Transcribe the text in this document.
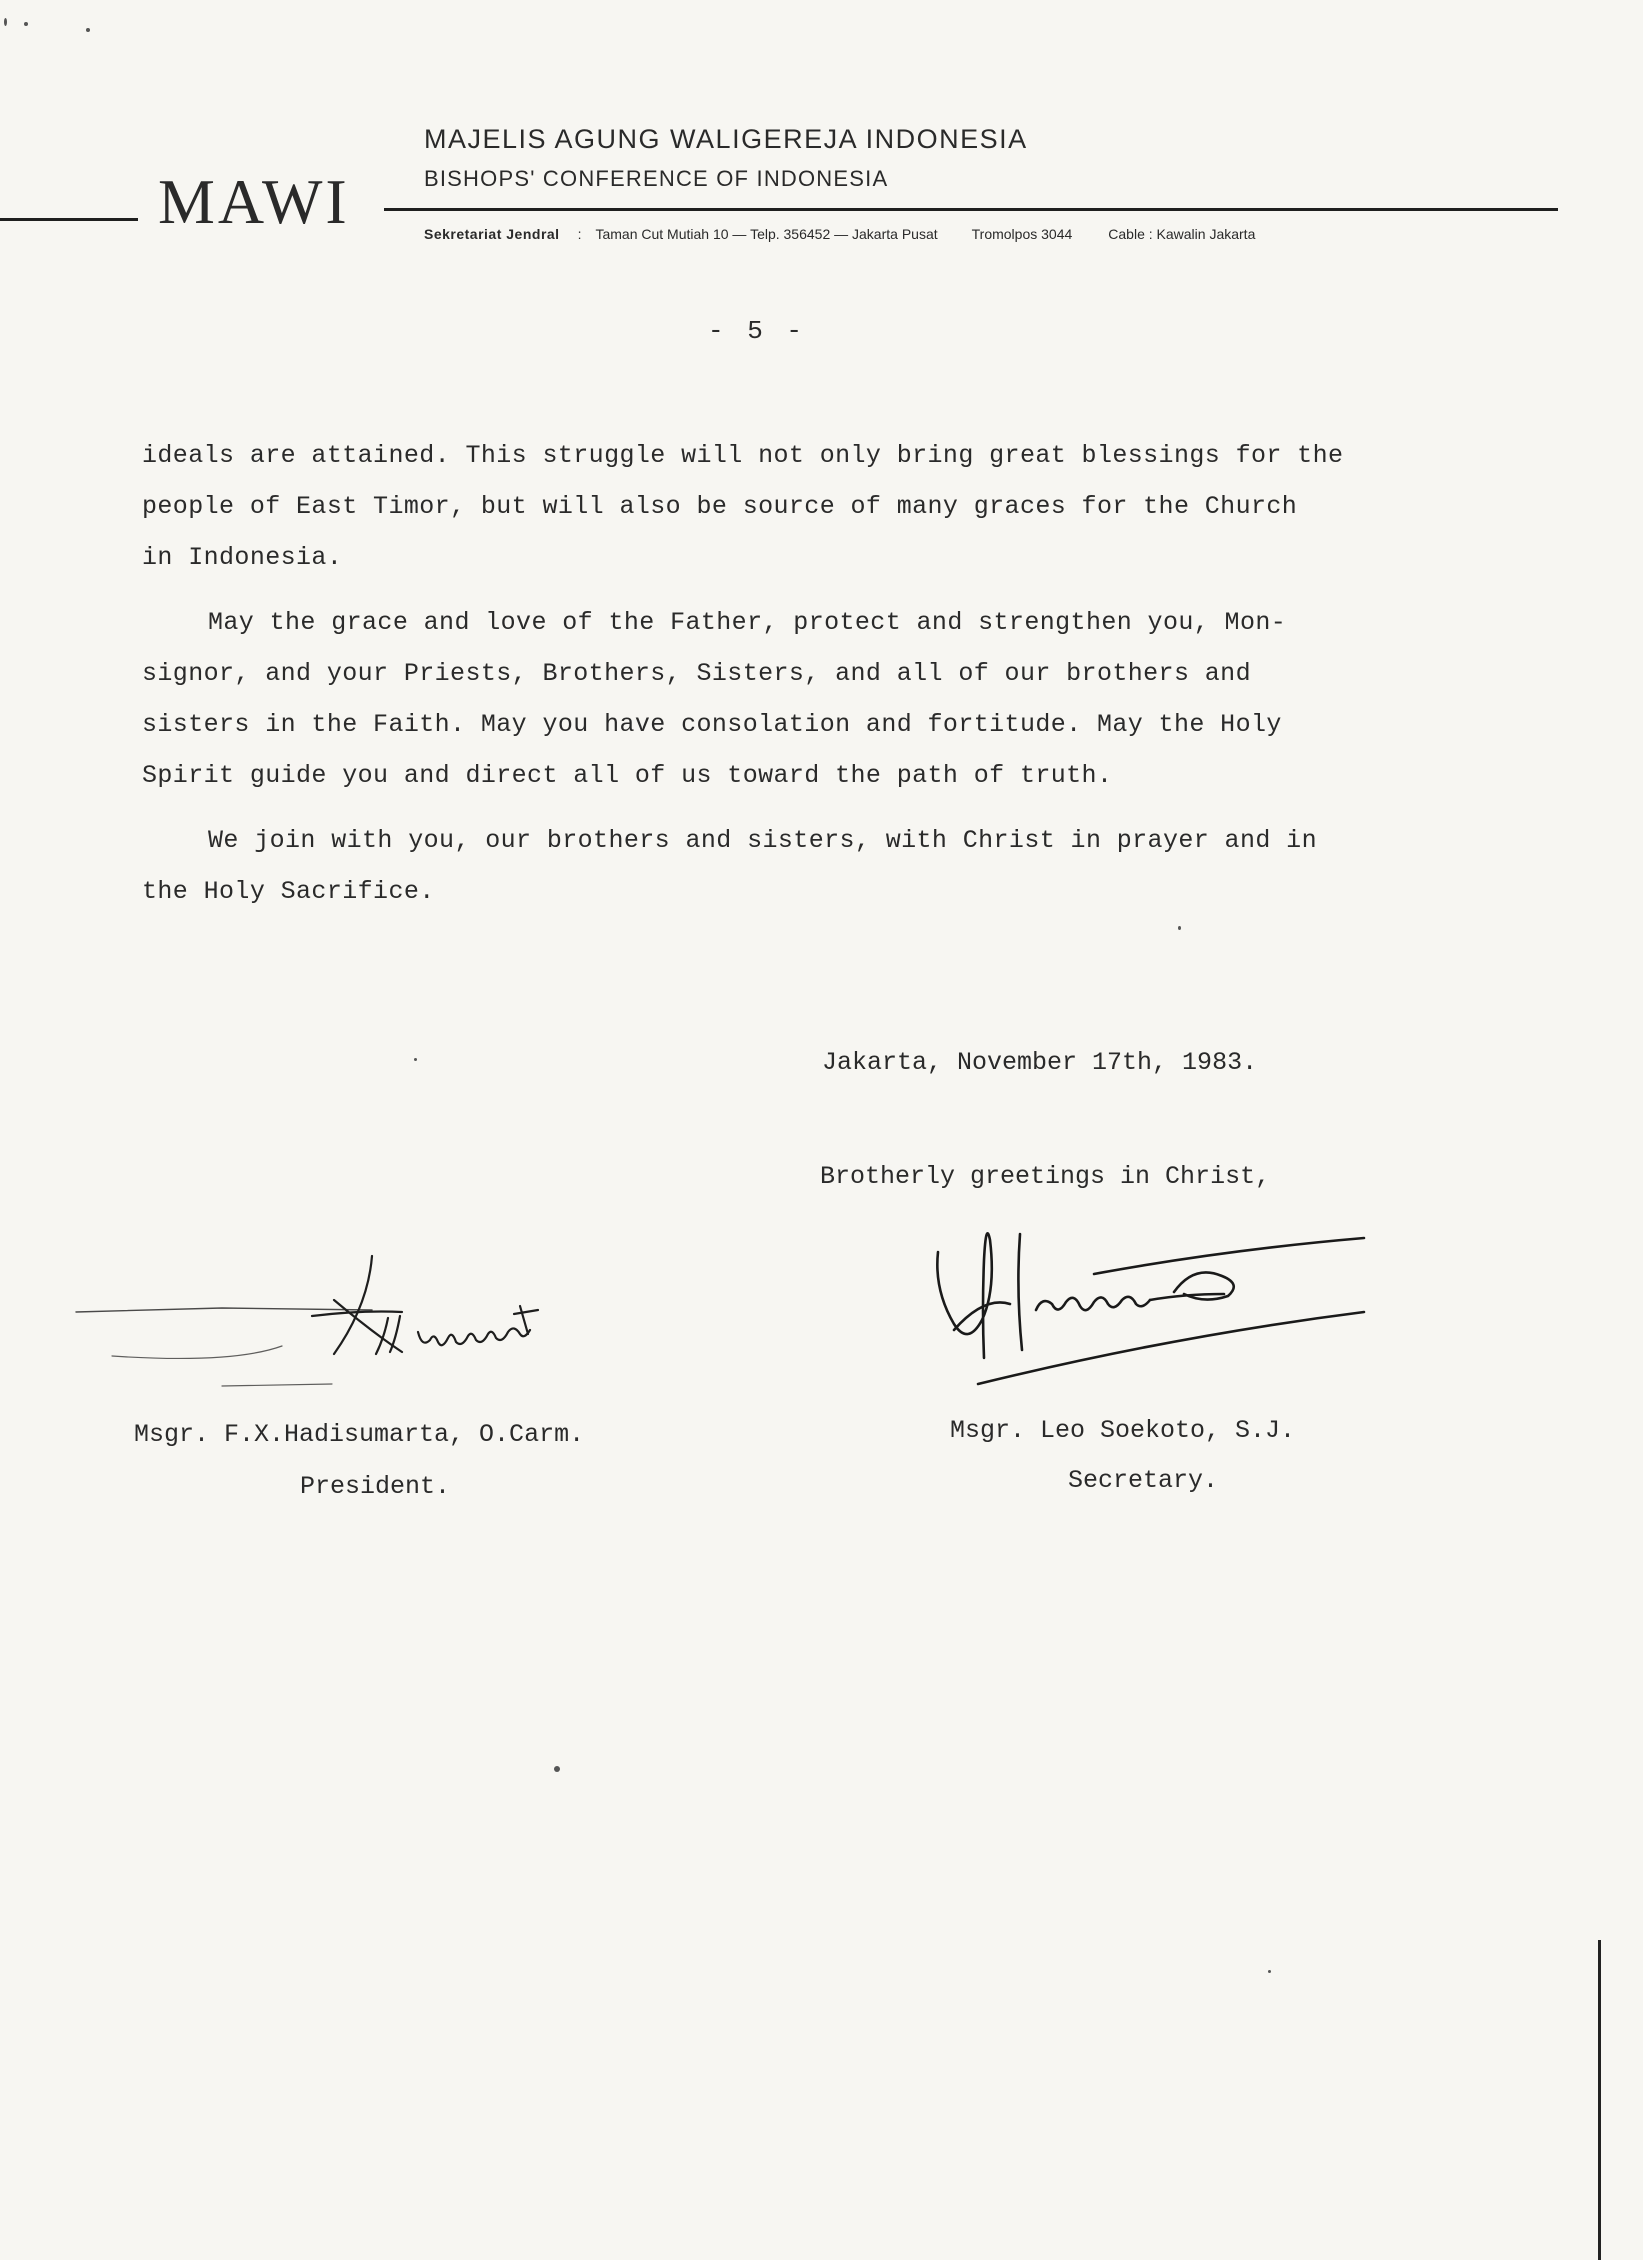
MAWI
MAJELIS AGUNG WALIGEREJA INDONESIA
BISHOPS' CONFERENCE OF INDONESIA
Sekretariat Jendral : Taman Cut Mutiah 10 — Telp. 356452 — Jakarta Pusat Tromolpos 3044	Cable : Kawalin Jakarta
- 5 -

ideals are attained. This struggle will not only bring great blessings for the

people of East Timor, but will also be source of many graces for the Church

in Indonesia.

May the grace and love of the Father, protect and strengthen you, Mon-

signor, and your Priests, Brothers, Sisters, and all of our brothers and

sisters in the Faith. May you have consolation and fortitude. May the Holy

Spirit guide you and direct all of us toward the path of truth.

We join with you, our brothers and sisters, with Christ in prayer and in

the Holy Sacrifice.

Jakarta, November 17th, 1983.
Brotherly greetings in Christ,
Msgr. F.X.Hadisumarta, O.Carm.
President.
Msgr. Leo Soekoto, S.J.
Secretary.
